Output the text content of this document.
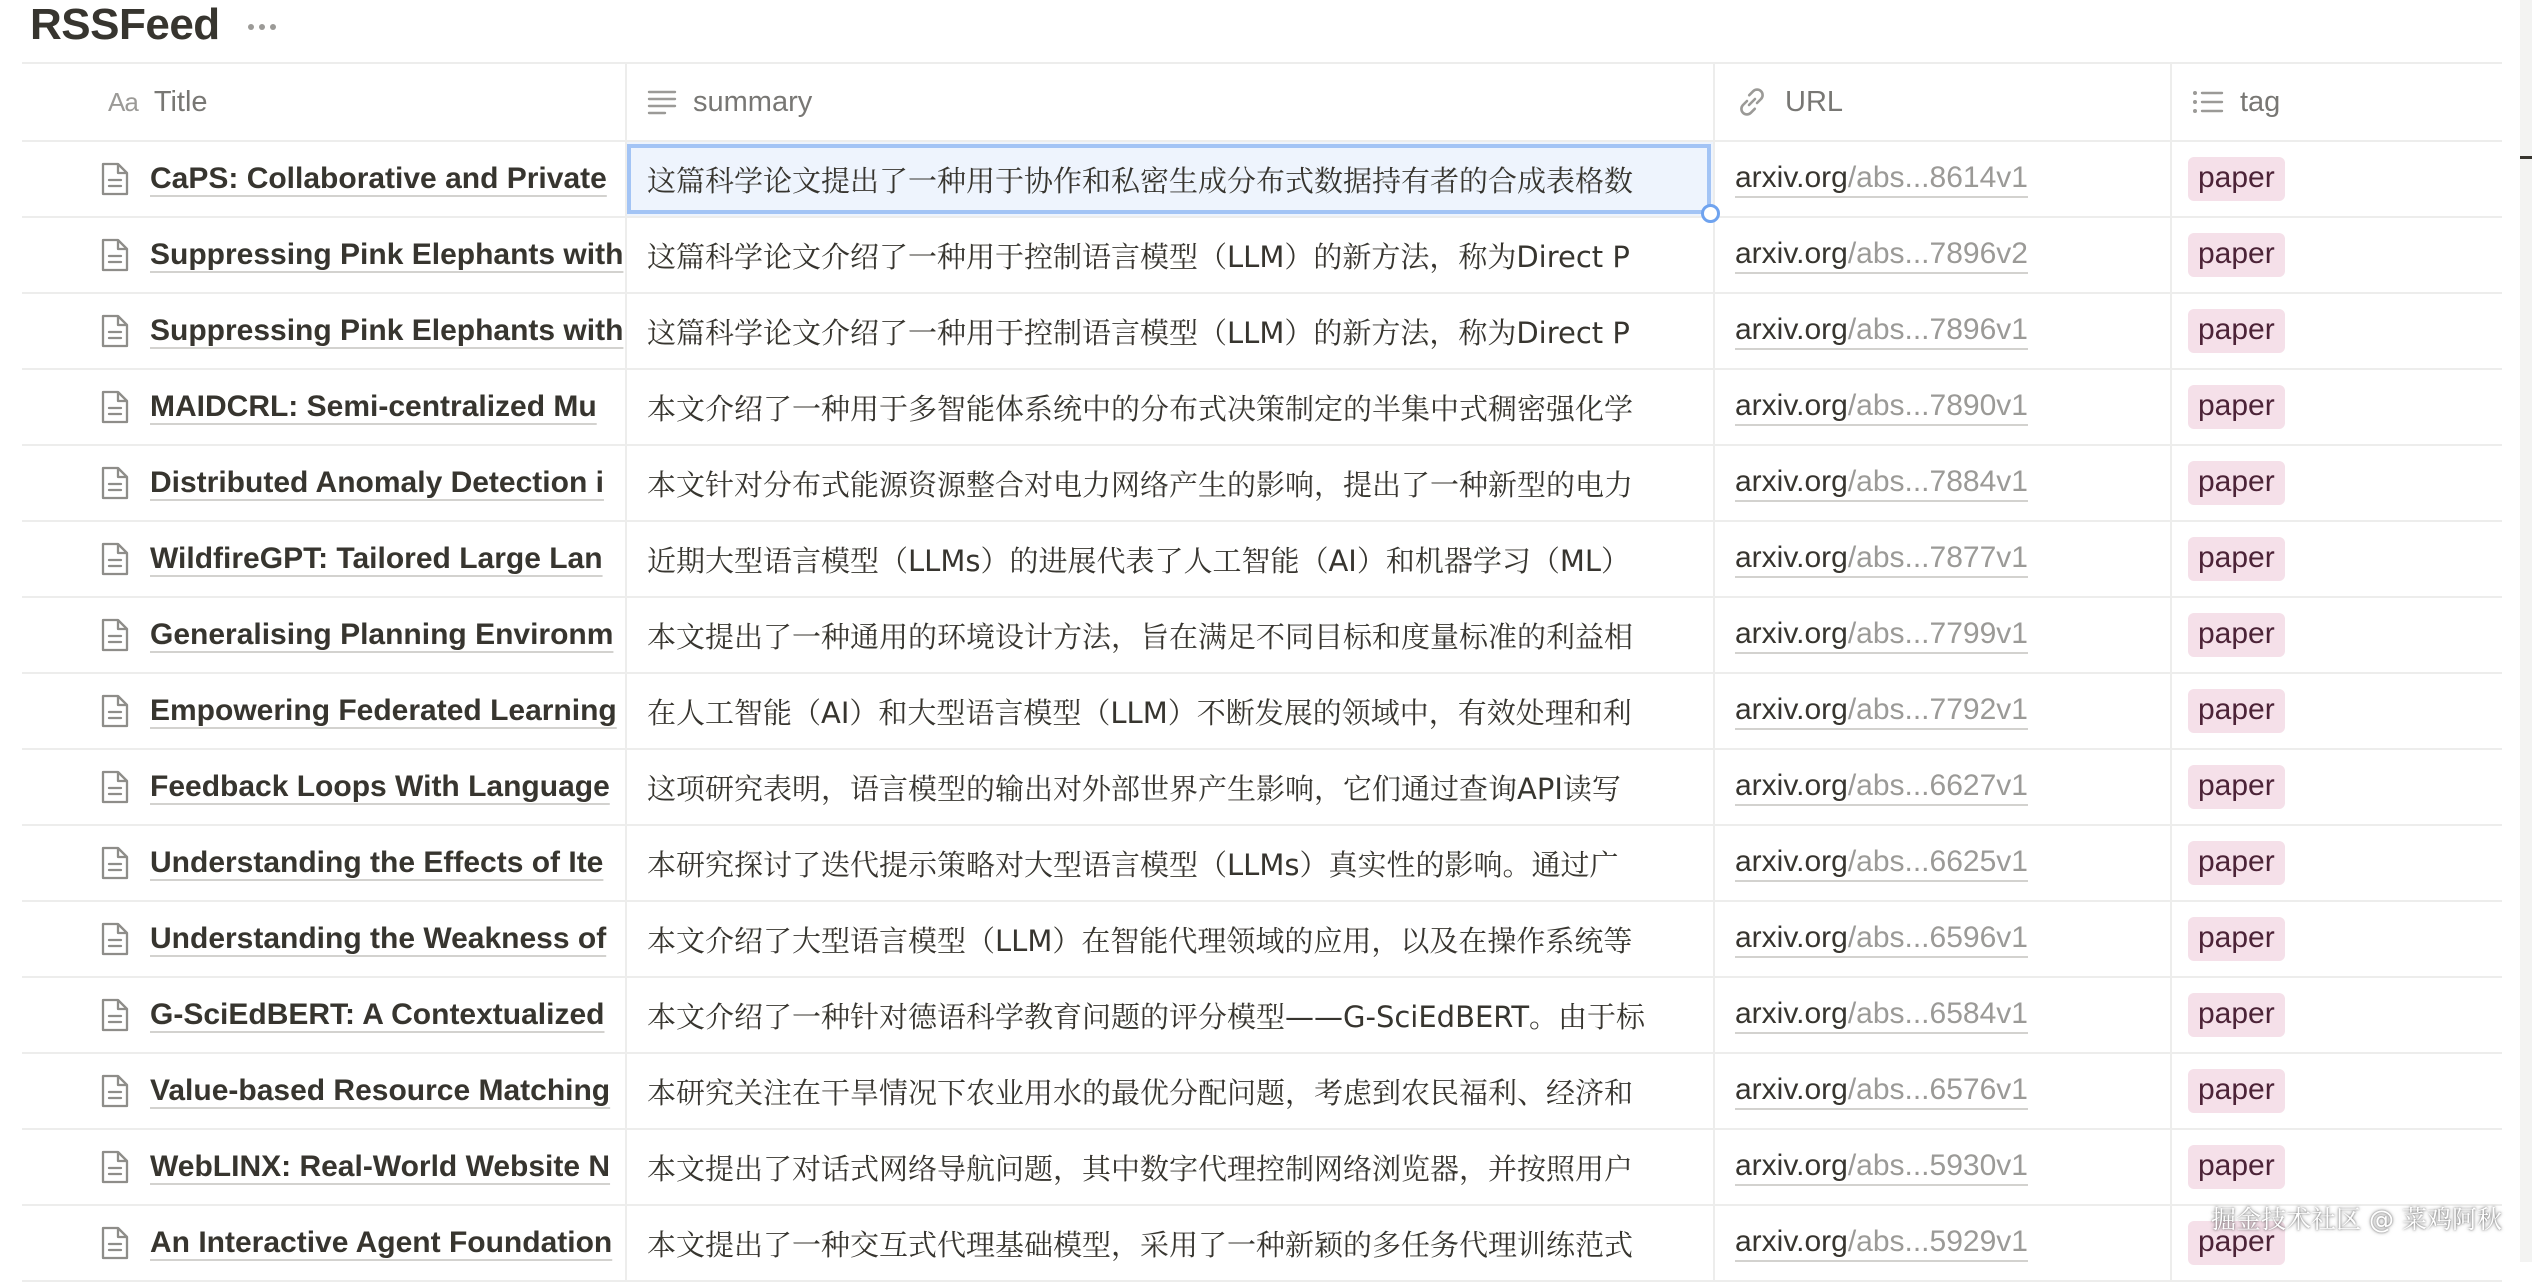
RSSFeed
Aa Title	summary	URL	tag
CaPS: Collaborative and Private 这篇科学论文提出了一种用于协作和私密生成分布式数据持有者的合成表格数	arxiv.org/abs...8614v1	paper
Suppressing Pink Elephants with 这篇科学论文介绍了一种用于控制语言模型（LLM）的新方法，称为Direct P	arxiv.org/abs...7896v2	paper
Suppressing Pink Elephants with 这篇科学论文介绍了一种用于控制语言模型（LLM）的新方法，称为Direct P	arxiv.org/abs...7896v1	paper
MAIDCRL: Semi-centralized Mu 本文介绍了一种用于多智能体系统中的分布式决策制定的半集中式稠密强化学	arxiv.org/abs...7890v1	paper
Distributed Anomaly Detection i 本文针对分布式能源资源整合对电力网络产生的影响，提出了一种新型的电力	arxiv.org/abs...7884v1	paper
WildfireGPT: Tailored Large Lan 近期大型语言模型（LLMs）的进展代表了人工智能（AI）和机器学习（ML）	arxiv.org/abs...7877v1	paper
Generalising Planning Environm 本文提出了一种通用的环境设计方法，旨在满足不同目标和度量标准的利益相	arxiv.org/abs...7799v1	paper
Empowering Federated Learning 在人工智能（AI）和大型语言模型（LLM）不断发展的领域中，有效处理和利	arxiv.org/abs...7792v1	paper
Feedback Loops With Language 这项研究表明，语言模型的输出对外部世界产生影响，它们通过查询API读写	arxiv.org/abs...6627v1	paper
Understanding the Effects of Ite 本研究探讨了迭代提示策略对大型语言模型（LLMs）真实性的影响。通过广	arxiv.org/abs...6625v1	paper
Understanding the Weakness of 本文介绍了大型语言模型（LLM）在智能代理领域的应用，以及在操作系统等	arxiv.org/abs...6596v1	paper
G-SciEdBERT: A Contextualized 本文介绍了一种针对德语科学教育问题的评分模型——G-SciEdBERT。由于标	arxiv.org/abs...6584v1	paper
Value-based Resource Matching 本研究关注在干旱情况下农业用水的最优分配问题，考虑到农民福利、经济和	arxiv.org/abs...6576v1	paper
WebLINX: Real-World Website N 本文提出了对话式网络导航问题，其中数字代理控制网络浏览器，并按照用户	arxiv.org/abs...5930v1	paper
An Interactive Agent Foundation 本文提出了一种交互式代理基础模型，采用了一种新颖的多任务代理训练范式	arxiv.org/abs...5929v1	paper
掘金技术社区 @ 菜鸡阿秋
